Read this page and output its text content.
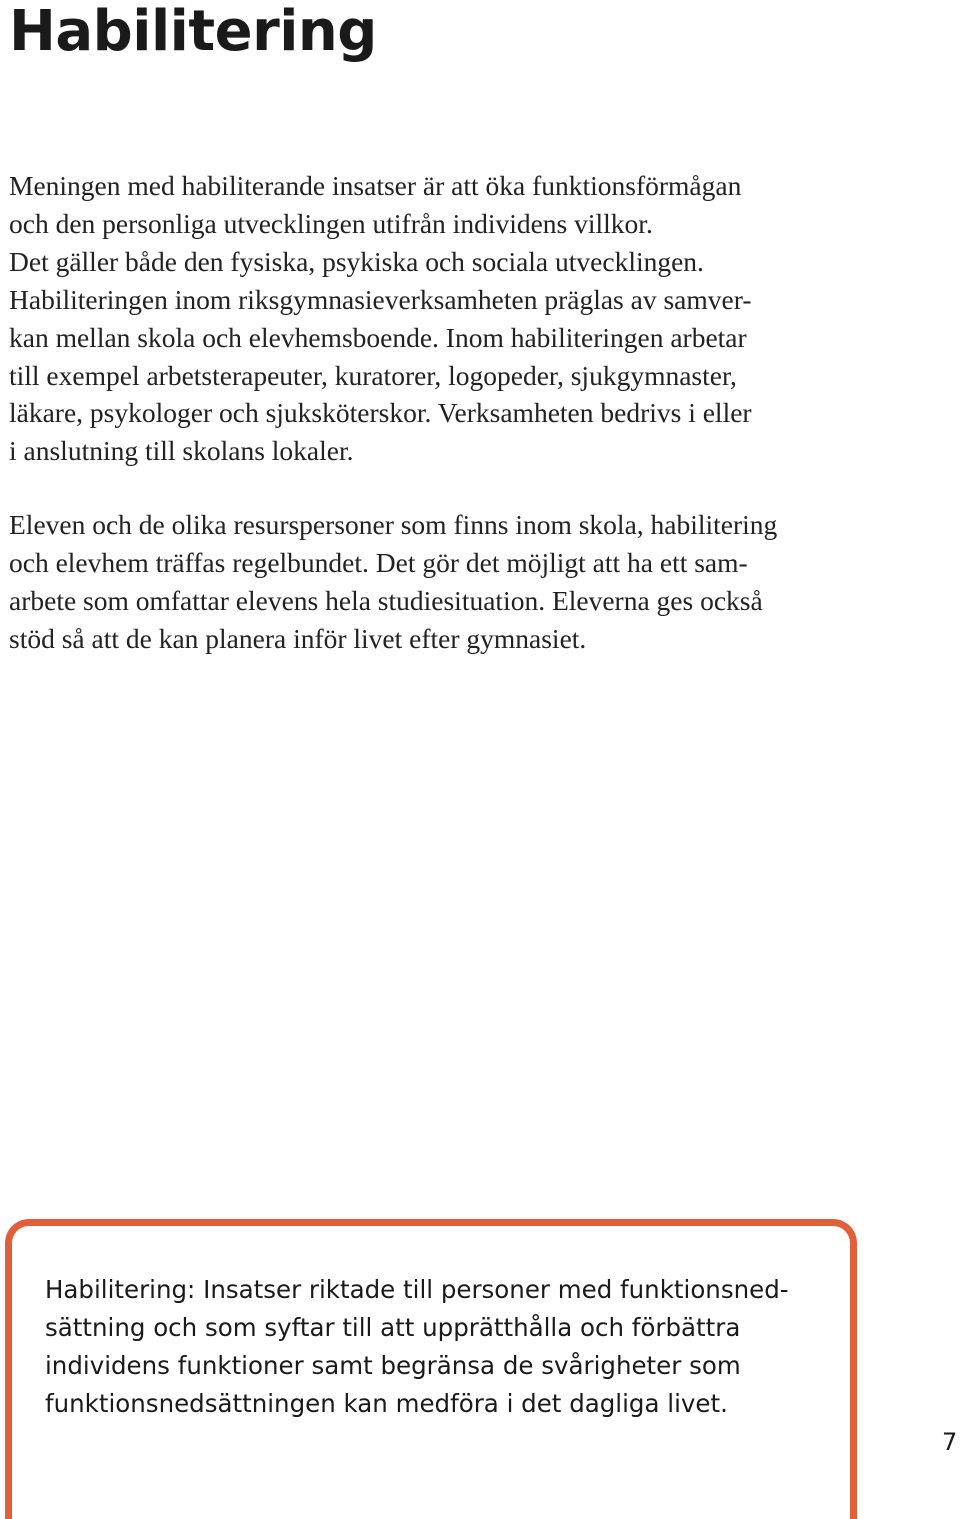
Habilitering
Meningen med habiliterande insatser är att öka funktionsförmågan
och den personliga utvecklingen utifrån individens villkor.
Det gäller både den fysiska, psykiska och sociala utvecklingen.
Habiliteringen inom riksgymnasieverksamheten präglas av samver-
kan mellan skola och elevhemsboende. Inom habiliteringen arbetar
till exempel arbetsterapeuter, kuratorer, logopeder, sjukgymnaster,
läkare, psykologer och sjuksköterskor. Verksamheten bedrivs i eller
i anslutning till skolans lokaler.
Eleven och de olika resurspersoner som finns inom skola, habilitering
och elevhem träffas regelbundet. Det gör det möjligt att ha ett sam-
arbete som omfattar elevens hela studiesituation. Eleverna ges också
stöd så att de kan planera inför livet efter gymnasiet.
Habilitering: Insatser riktade till personer med funktionsned-
sättning och som syftar till att upprätthålla och förbättra
individens funktioner samt begränsa de svårigheter som
funktionsnedsättningen kan medföra i det dagliga livet.
7
